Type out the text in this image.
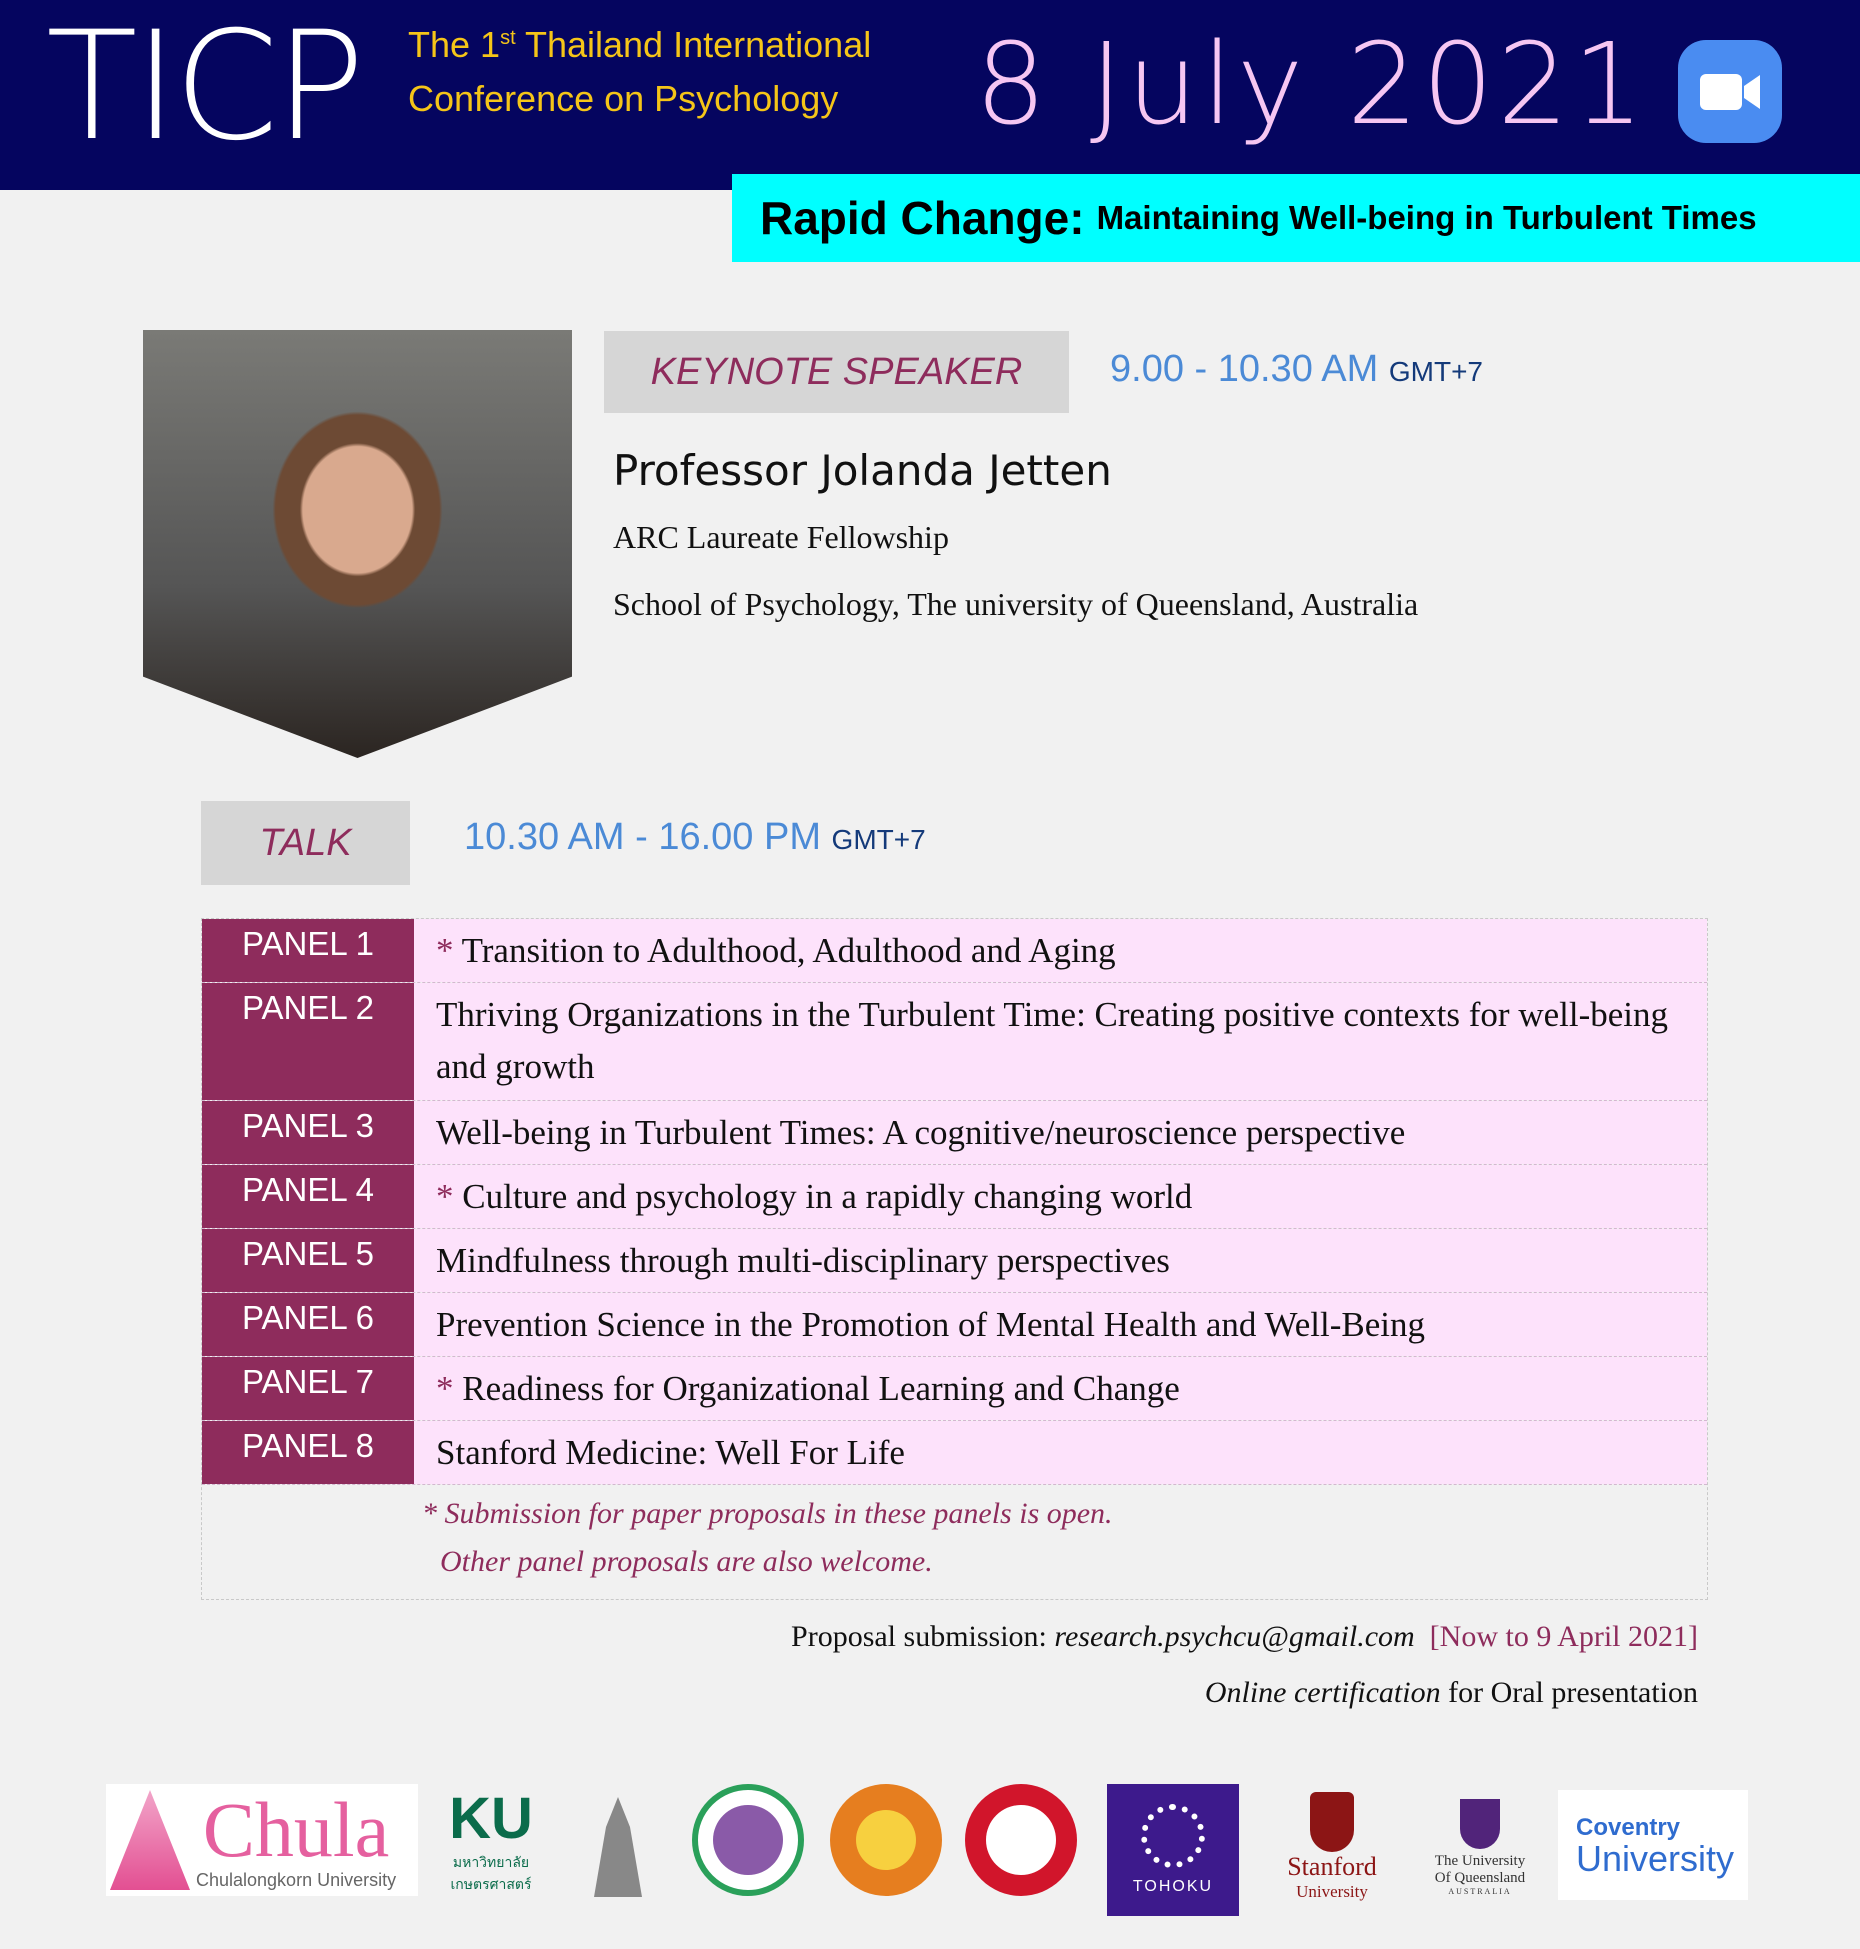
TICP The 1st Thailand International
Conference on Psychology 8 July 2021
Rapid Change: Maintaining Well-being in Turbulent Times
KEYNOTE SPEAKER	9.00 - 10.30 AM GMT+7
Professor Jolanda Jetten
ARC Laureate Fellowship
School of Psychology, The university of Queensland, Australia
TALK	10.30 AM - 16.00 PM GMT+7
PANEL 1	* Transition to Adulthood, Adulthood and Aging
PANEL 2	Thriving Organizations in the Turbulent Time: Creating positive contexts for well-being and growth
PANEL 3	Well-being in Turbulent Times: A cognitive/neuroscience perspective
PANEL 4	* Culture and psychology in a rapidly changing world
PANEL 5	Mindfulness through multi-disciplinary perspectives
PANEL 6	Prevention Science in the Promotion of Mental Health and Well-Being
PANEL 7	* Readiness for Organizational Learning and Change
PANEL 8	Stanford Medicine: Well For Life
* Submission for paper proposals in these panels is open.
Other panel proposals are also welcome.
Proposal submission: research.psychcu@gmail.com [Now to 9 April 2021]
Online certification for Oral presentation
Chula
Chulalongkorn University
KU
มหาวิทยาลัยเกษตรศาสตร์	TOHOKU
Stanford
University
The University
Of Queensland
AUSTRALIA
Coventry
University
